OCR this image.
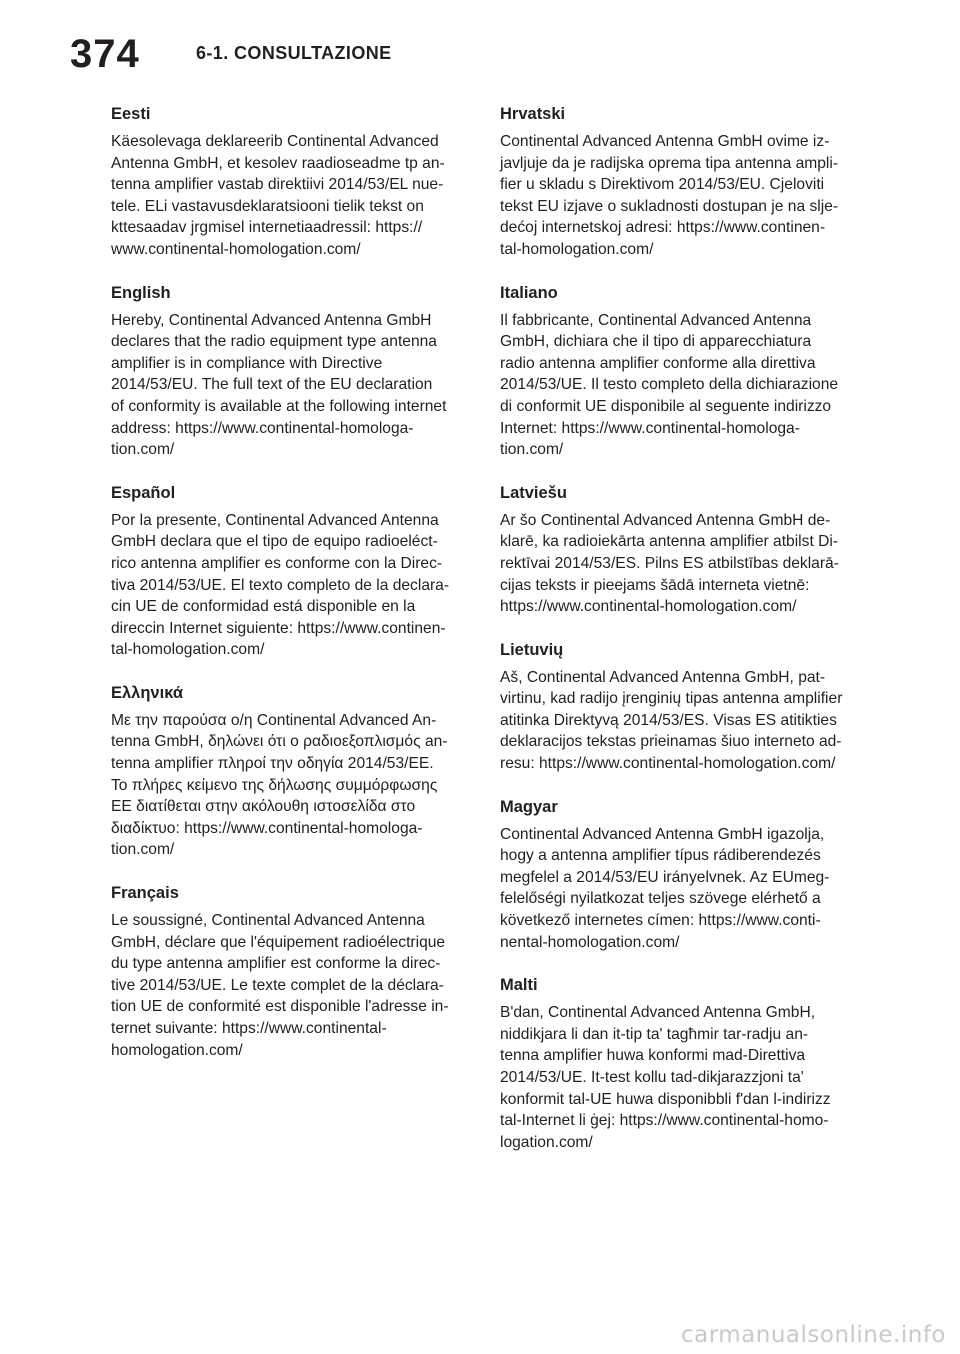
374	6-1. CONSULTAZIONE
Eesti
Käesolevaga deklareerib Continental Advanced
Antenna GmbH, et kesolev raadioseadme tp an-
tenna amplifier vastab direktiivi 2014/53/EL nue-
tele. ELi vastavusdeklaratsiooni tielik tekst on
kttesaadav jrgmisel internetiaadressil: https://
www.continental-homologation.com/
English
Hereby, Continental Advanced Antenna GmbH
declares that the radio equipment type antenna
amplifier is in compliance with Directive
2014/53/EU. The full text of the EU declaration
of conformity is available at the following internet
address: https://www.continental-homologa-
tion.com/
Español
Por la presente, Continental Advanced Antenna
GmbH declara que el tipo de equipo radioeléct-
rico antenna amplifier es conforme con la Direc-
tiva 2014/53/UE. El texto completo de la declara-
cin UE de conformidad está disponible en la
direccin Internet siguiente: https://www.continen-
tal-homologation.com/
Ελληνικά
Με την παρούσα ο/η Continental Advanced An-
tenna GmbH, δηλώνει ότι ο ραδιοεξοπλισμός an-
tenna amplifier πληροί την οδηγία 2014/53/ΕΕ.
Το πλήρες κείμενο της δήλωσης συμμόρφωσης
ΕΕ διατίθεται στην ακόλουθη ιστοσελίδα στο
διαδίκτυο: https://www.continental-homologa-
tion.com/
Français
Le soussigné, Continental Advanced Antenna
GmbH, déclare que l'équipement radioélectrique
du type antenna amplifier est conforme la direc-
tive 2014/53/UE. Le texte complet de la déclara-
tion UE de conformité est disponible l'adresse in-
ternet suivante: https://www.continental-
homologation.com/
Hrvatski
Continental Advanced Antenna GmbH ovime iz-
javljuje da je radijska oprema tipa antenna ampli-
fier u skladu s Direktivom 2014/53/EU. Cjeloviti
tekst EU izjave o sukladnosti dostupan je na slje-
dećoj internetskoj adresi: https://www.continen-
tal-homologation.com/
Italiano
Il fabbricante, Continental Advanced Antenna
GmbH, dichiara che il tipo di apparecchiatura
radio antenna amplifier conforme alla direttiva
2014/53/UE. Il testo completo della dichiarazione
di conformit UE disponibile al seguente indirizzo
Internet: https://www.continental-homologa-
tion.com/
Latviešu
Ar šo Continental Advanced Antenna GmbH de-
klarē, ka radioiekārta antenna amplifier atbilst Di-
rektīvai 2014/53/ES. Pilns ES atbilstības deklarā-
cijas teksts ir pieejams šādā interneta vietnē:
https://www.continental-homologation.com/
Lietuvių
Aš, Continental Advanced Antenna GmbH, pat-
virtinu, kad radijo įrenginių tipas antenna amplifier
atitinka Direktyvą 2014/53/ES. Visas ES atitikties
deklaracijos tekstas prieinamas šiuo interneto ad-
resu: https://www.continental-homologation.com/
Magyar
Continental Advanced Antenna GmbH igazolja,
hogy a antenna amplifier típus rádiberendezés
megfelel a 2014/53/EU irányelvnek. Az EUmeg-
felelőségi nyilatkozat teljes szövege elérhető a
következő internetes címen: https://www.conti-
nental-homologation.com/
Malti
B'dan, Continental Advanced Antenna GmbH,
niddikjara li dan it-tip ta' tagħmir tar-radju an-
tenna amplifier huwa konformi mad-Direttiva
2014/53/UE. It-test kollu tad-dikjarazzjoni ta'
konformit tal-UE huwa disponibbli f'dan l-indirizz
tal-Internet li ġej: https://www.continental-homo-
logation.com/
carmanualsonline.info
